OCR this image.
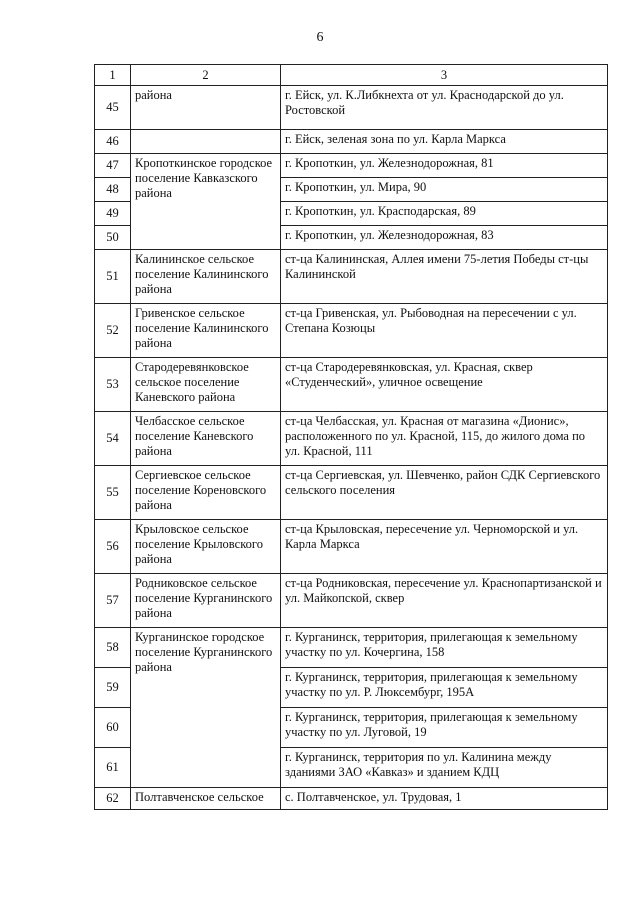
6
1	2	3
45	района	г. Ейск, ул. К.Либкнехта от ул. Краснодарской до ул. Ростовской
46		г. Ейск, зеленая зона по ул. Карла Маркса
47	Кропоткинское городское поселение Кавказского района	г. Кропоткин, ул. Железнодорожная, 81
48		г. Кропоткин, ул. Мира, 90
49		г. Кропоткин, ул. Красподарская, 89
50		г. Кропоткин, ул. Железнодорожная, 83
51	Калининское сельское поселение Калининского района	ст-ца Калининская, Аллея имени 75-летия Победы ст-цы Калининской
52	Гривенское сельское поселение Калининского района	ст-ца Гривенская, ул. Рыбоводная на пересечении с ул. Степана Козюцы
53	Стародеревянковское сельское поселение Каневского района	ст-ца Стародеревянковская, ул. Красная, сквер «Студенческий», уличное освещение
54	Челбасское сельское поселение Каневского района	ст-ца Челбасская, ул. Красная от магазина «Дионис», расположенного по ул. Красной, 115, до жилого дома по ул. Красной, 111
55	Сергиевское сельское поселение Кореновского района	ст-ца Сергиевская, ул. Шевченко, район СДК Сергиевского сельского поселения
56	Крыловское сельское поселение Крыловского района	ст-ца Крыловская, пересечение ул. Черноморской и ул. Карла Маркса
57	Родниковское сельское поселение Курганинского района	ст-ца Родниковская, пересечение ул. Краснопартизанской и ул. Майкопской, сквер
58	Курганинское городское поселение Курганинского района	г. Курганинск, территория, прилегающая к земельному участку по ул. Кочергина, 158
59		г. Курганинск, территория, прилегающая к земельному участку по ул. Р. Люксембург, 195А
60		г. Курганинск, территория, прилегающая к земельному участку по ул. Луговой, 19
61		г. Курганинск, территория по ул. Калинина между зданиями ЗАО «Кавказ» и зданием КДЦ
62	Полтавченское сельское	с. Полтавченское, ул. Трудовая, 1
